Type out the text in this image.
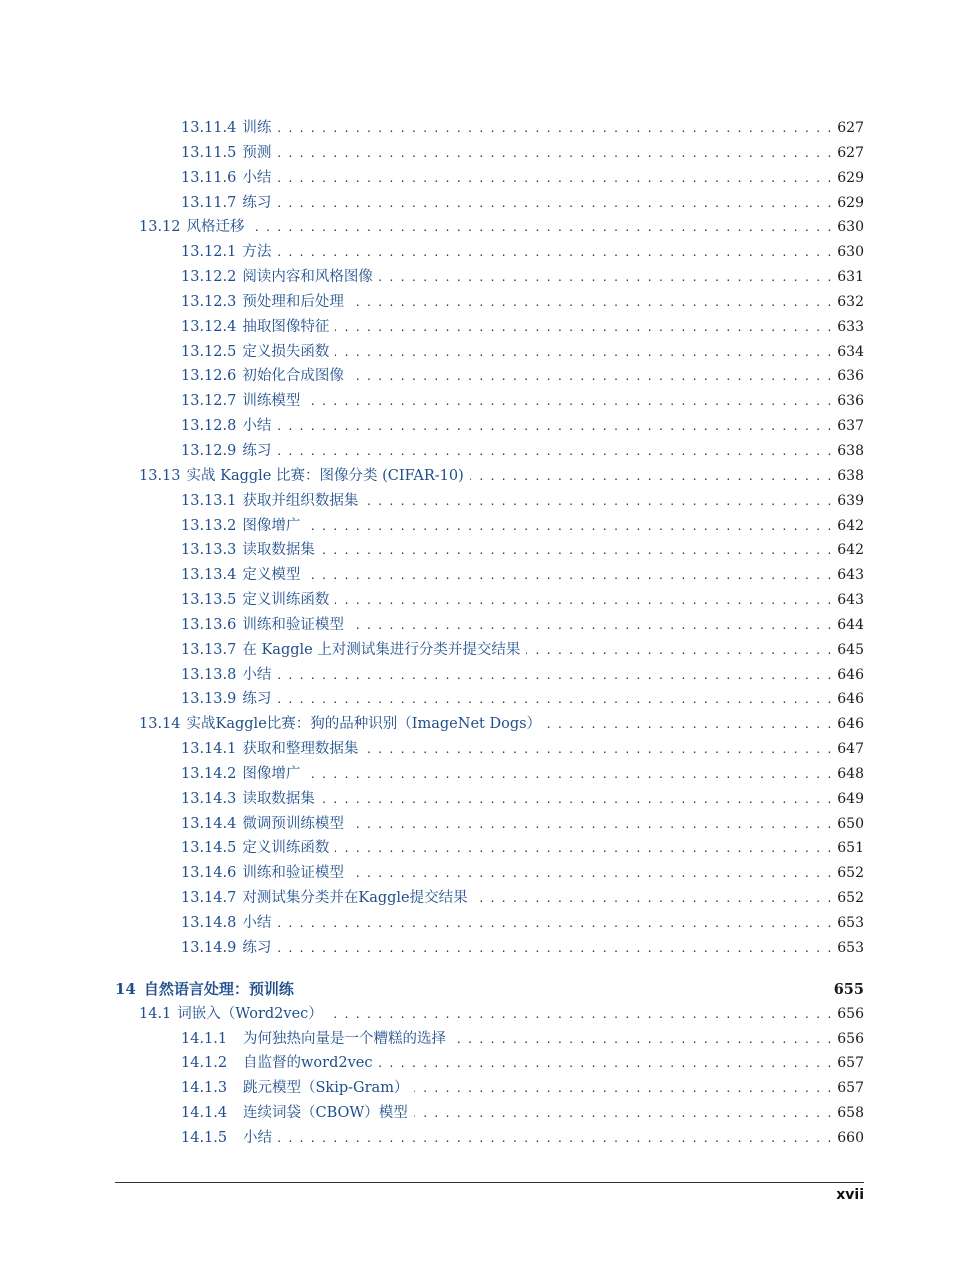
13.11.4 训练 . . .	627
13.11.5 预测 . . .	627
13.11.6 小结 . . .	629
13.11.7 练习 . . .	629
13.12 风格迁移 . . .	630
13.12.1 方法 . . .	630
13.12.2 阅读内容和风格图像 . . .	631
13.12.3 预处理和后处理 . . .	632
13.12.4 抽取图像特征 . . .	633
13.12.5 定义损失函数 . . .	634
13.12.6 初始化合成图像 . . .	636
13.12.7 训练模型 . . .	636
13.12.8 小结 . . .	637
13.12.9 练习 . . .	638
13.13 实战 Kaggle 比赛：图像分类 (CIFAR-10) . . .	638
13.13.1 获取并组织数据集 . . .	639
13.13.2 图像增广 . . .	642
13.13.3 读取数据集 . . .	642
13.13.4 定义模型 . . .	643
13.13.5 定义训练函数 . . .	643
13.13.6 训练和验证模型 . . .	644
13.13.7 在 Kaggle 上对测试集进行分类并提交结果 . . .	645
13.13.8 小结 . . .	646
13.13.9 练习 . . .	646
13.14 实战Kaggle比赛：狗的品种识别（ImageNet Dogs） . . .	646
13.14.1 获取和整理数据集 . . .	647
13.14.2 图像增广 . . .	648
13.14.3 读取数据集 . . .	649
13.14.4 微调预训练模型 . . .	650
13.14.5 定义训练函数 . . .	651
13.14.6 训练和验证模型 . . .	652
13.14.7 对测试集分类并在Kaggle提交结果 . . .	652
13.14.8 小结 . . .	653
13.14.9 练习 . . .	653
14 自然语言处理：预训练	655
14.1 词嵌入（Word2vec） . . .	656
14.1.1 为何独热向量是一个糟糕的选择 . . .	656
14.1.2 自监督的word2vec . . .	657
14.1.3 跳元模型（Skip-Gram） . . .	657
14.1.4 连续词袋（CBOW）模型 . . .	658
14.1.5 小结 . . .	660
xvii
